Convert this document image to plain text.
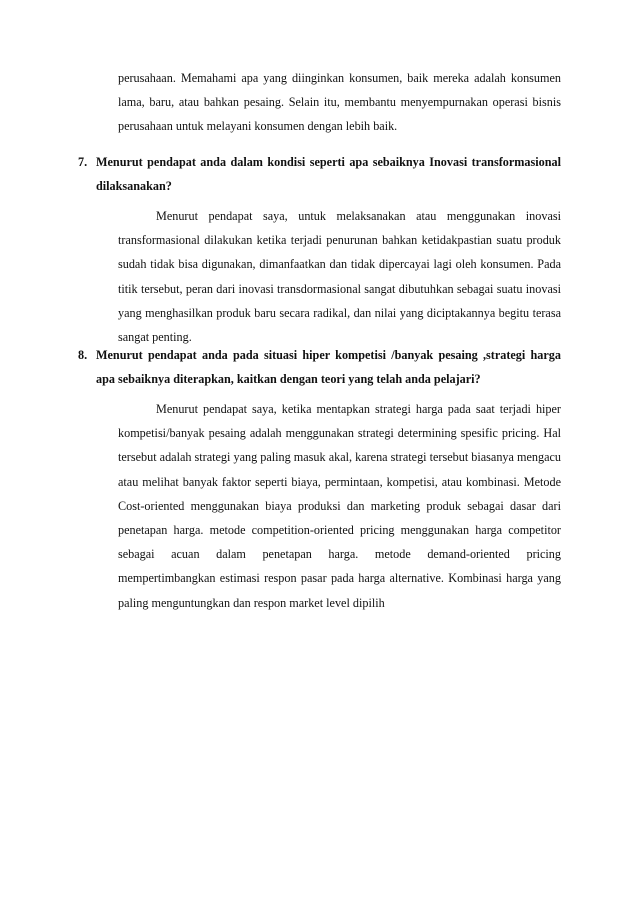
perusahaan. Memahami apa yang diinginkan konsumen, baik mereka adalah konsumen lama, baru, atau bahkan pesaing. Selain itu, membantu menyempurnakan operasi bisnis perusahaan untuk melayani konsumen dengan lebih baik.
7. Menurut pendapat anda dalam kondisi seperti apa sebaiknya Inovasi transformasional dilaksanakan?

Menurut pendapat saya, untuk melaksanakan atau menggunakan inovasi transformasional dilakukan ketika terjadi penurunan bahkan ketidakpastian suatu produk sudah tidak bisa digunakan, dimanfaatkan dan tidak dipercayai lagi oleh konsumen. Pada titik tersebut, peran dari inovasi transdormasional sangat dibutuhkan sebagai suatu inovasi yang menghasilkan produk baru secara radikal, dan nilai yang diciptakannya begitu terasa sangat penting.

8. Menurut pendapat anda pada situasi hiper kompetisi /banyak pesaing ,strategi harga apa sebaiknya diterapkan, kaitkan dengan teori yang telah anda pelajari?

Menurut pendapat saya, ketika mentapkan strategi harga pada saat terjadi hiper kompetisi/banyak pesaing adalah menggunakan strategi determining spesific pricing. Hal tersebut adalah strategi yang paling masuk akal, karena strategi tersebut biasanya mengacu atau melihat banyak faktor seperti biaya, permintaan, kompetisi, atau kombinasi. Metode Cost-oriented menggunakan biaya produksi dan marketing produk sebagai dasar dari penetapan harga. metode competition-oriented pricing menggunakan harga competitor sebagai acuan dalam penetapan harga. metode demand-oriented pricing mempertimbangkan estimasi respon pasar pada harga alternative. Kombinasi harga yang paling menguntungkan dan respon market level dipilih
